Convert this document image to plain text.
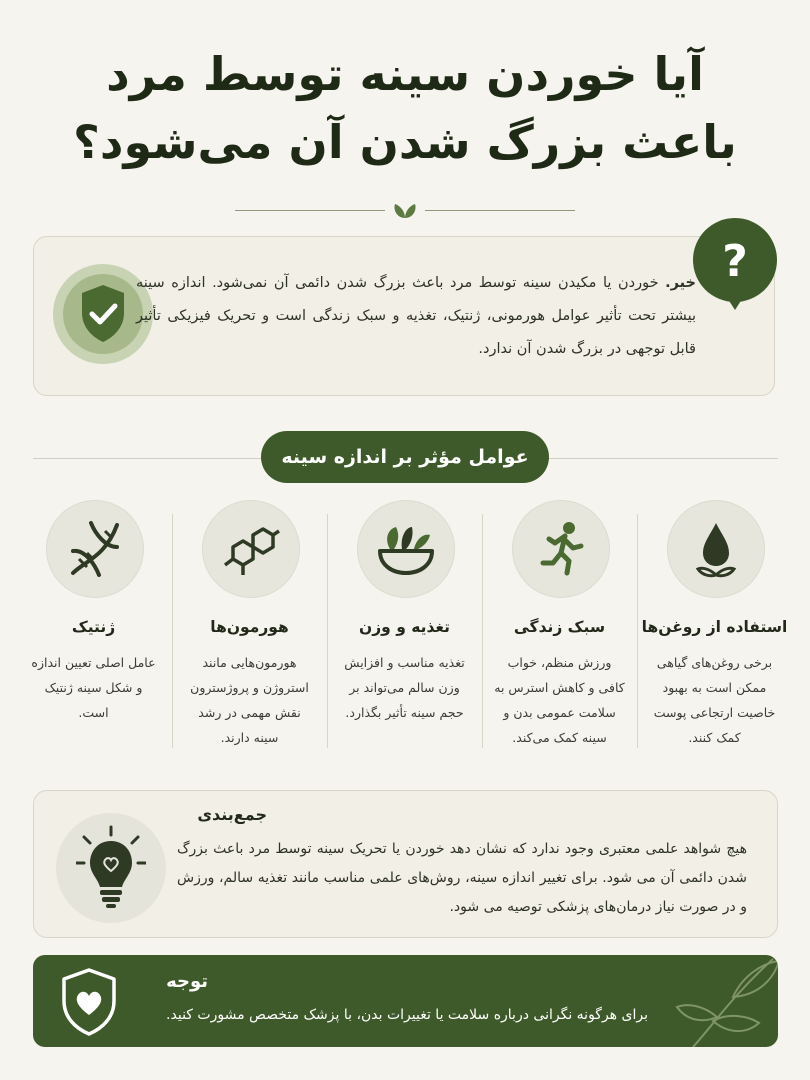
آیا خوردن سینه توسط مرد
باعث بزرگ شدن آن می‌شود؟
خیر. خوردن یا مکیدن سینه توسط مرد باعث بزرگ شدن دائمی آن نمی‌شود. اندازه سینه بیشتر تحت تأثیر عوامل هورمونی، ژنتیک، تغذیه و سبک زندگی است و تحریک فیزیکی تأثیر قابل توجهی در بزرگ شدن آن ندارد.
?
عوامل مؤثر بر اندازه سینه
استفاده از روغن‌ها
برخی روغن‌های گیاهی ممکن است به بهبود خاصیت ارتجاعی پوست کمک کنند.
سبک زندگی
ورزش منظم، خواب کافی و کاهش استرس به سلامت عمومی بدن و سینه کمک می‌کند.
تغذیه و وزن
تغذیه مناسب و افزایش وزن سالم می‌تواند بر حجم سینه تأثیر بگذارد.
هورمون‌ها
هورمون‌هایی مانند استروژن و پروژسترون نقش مهمی در رشد سینه دارند.
ژنتیک
عامل اصلی تعیین اندازه و شکل سینه ژنتیک است.
جمع‌بندی
هیچ شواهد علمی معتبری وجود ندارد که نشان دهد خوردن یا تحریک سینه توسط مرد باعث بزرگ شدن دائمی آن می شود. برای تغییر اندازه سینه، روش‌های علمی مناسب مانند تغذیه سالم، ورزش و در صورت نیاز درمان‌های پزشکی توصیه می شود.
توجه
برای هرگونه نگرانی درباره سلامت یا تغییرات بدن، با پزشک متخصص مشورت کنید.
